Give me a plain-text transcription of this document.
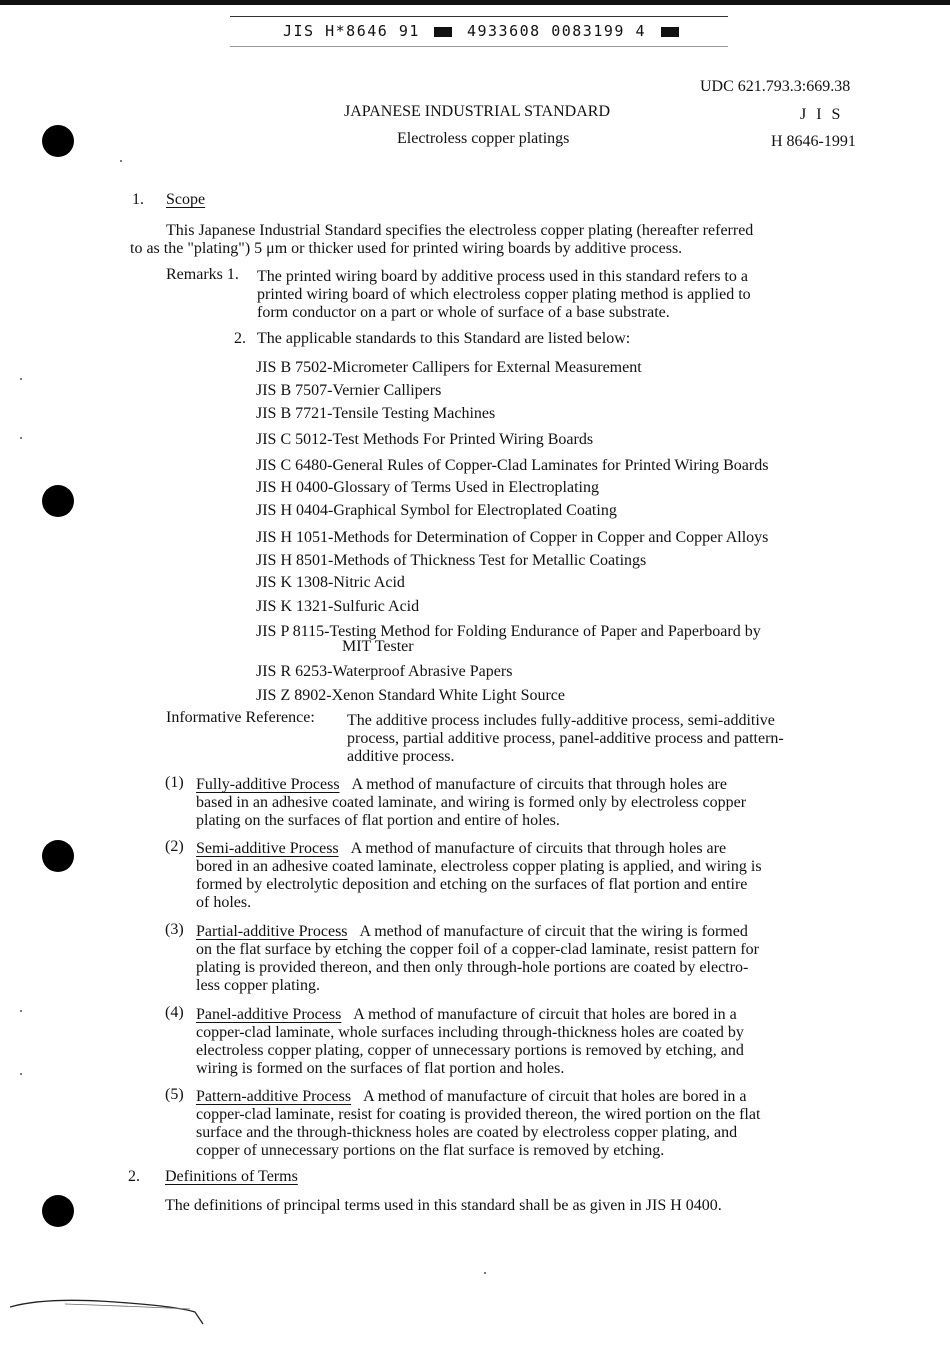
JIS H*8646 91	4933608 0083199 4
UDC 621.793.3:669.38
JAPANESE INDUSTRIAL STANDARD	J I S
Electroless copper platings	H 8646-1991
1. Scope
This Japanese Industrial Standard specifies the electroless copper plating (hereafter referred
to as the "plating") 5 μm or thicker used for printed wiring boards by additive process.
Remarks 1. The printed wiring board by additive process used in this standard refers to a
printed wiring board of which electroless copper plating method is applied to
form conductor on a part or whole of surface of a base substrate.
2. The applicable standards to this Standard are listed below:
JIS B 7502-Micrometer Callipers for External Measurement
JIS B 7507-Vernier Callipers
JIS B 7721-Tensile Testing Machines
JIS C 5012-Test Methods For Printed Wiring Boards
JIS C 6480-General Rules of Copper-Clad Laminates for Printed Wiring Boards
JIS H 0400-Glossary of Terms Used in Electroplating
JIS H 0404-Graphical Symbol for Electroplated Coating
JIS H 1051-Methods for Determination of Copper in Copper and Copper Alloys
JIS H 8501-Methods of Thickness Test for Metallic Coatings
JIS K 1308-Nitric Acid
JIS K 1321-Sulfuric Acid
JIS P 8115-Testing Method for Folding Endurance of Paper and Paperboard by
MIT Tester
JIS R 6253-Waterproof Abrasive Papers
JIS Z 8902-Xenon Standard White Light Source
Informative Reference: The additive process includes fully-additive process, semi-additive
process, partial additive process, panel-additive process and pattern-
additive process.
(1) Fully-additive Process A method of manufacture of circuits that through holes are
based in an adhesive coated laminate, and wiring is formed only by electroless copper
plating on the surfaces of flat portion and entire of holes.
(2) Semi-additive Process A method of manufacture of circuits that through holes are
bored in an adhesive coated laminate, electroless copper plating is applied, and wiring is
formed by electrolytic deposition and etching on the surfaces of flat portion and entire
of holes.
(3) Partial-additive Process A method of manufacture of circuit that the wiring is formed
on the flat surface by etching the copper foil of a copper-clad laminate, resist pattern for
plating is provided thereon, and then only through-hole portions are coated by electro-
less copper plating.
(4) Panel-additive Process A method of manufacture of circuit that holes are bored in a
copper-clad laminate, whole surfaces including through-thickness holes are coated by
electroless copper plating, copper of unnecessary portions is removed by etching, and
wiring is formed on the surfaces of flat portion and holes.
(5) Pattern-additive Process A method of manufacture of circuit that holes are bored in a
copper-clad laminate, resist for coating is provided thereon, the wired portion on the flat
surface and the through-thickness holes are coated by electroless copper plating, and
copper of unnecessary portions on the flat surface is removed by etching.
2. Definitions of Terms
The definitions of principal terms used in this standard shall be as given in JIS H 0400.
